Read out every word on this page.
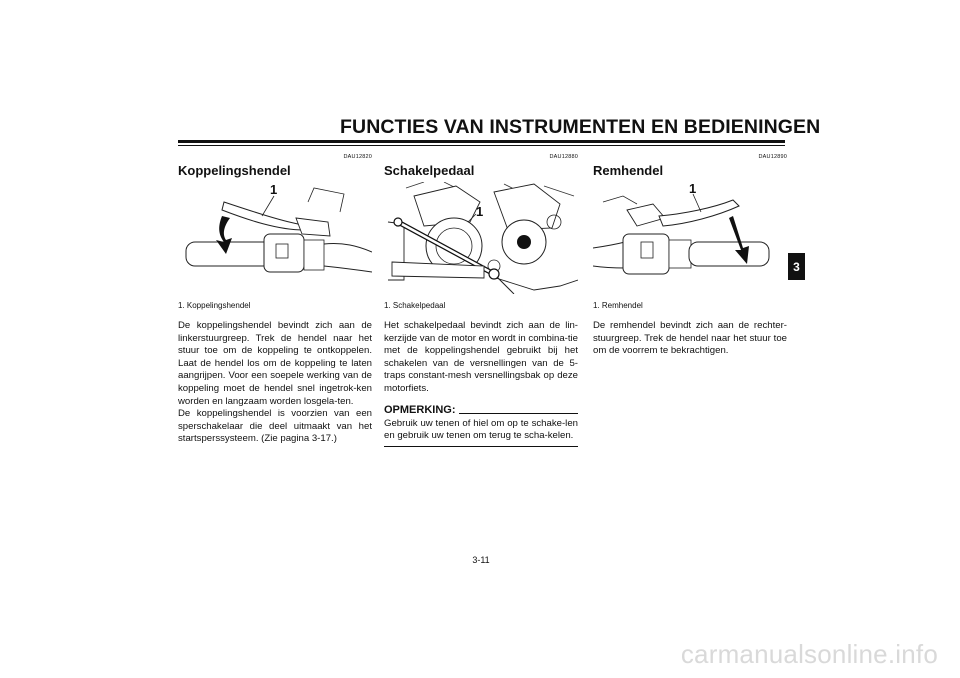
FUNCTIES VAN INSTRUMENTEN EN BEDIENINGEN
3
DAU12820
Koppelingshendel
1
1. Koppelingshendel

De koppelingshendel bevindt zich aan de linkerstuurgreep. Trek de hendel naar het stuur toe om de koppeling te ontkoppelen. Laat de hendel los om de koppeling te laten aangrijpen. Voor een soepele werking van de koppeling moet de hendel snel ingetrok-ken worden en langzaam worden losgela-ten.

De koppelingshendel is voorzien van een sperschakelaar die deel uitmaakt van het startsperssysteem. (Zie pagina 3-17.)

DAU12880
Schakelpedaal
1
1. Schakelpedaal

Het schakelpedaal bevindt zich aan de lin-kerzijde van de motor en wordt in combina-tie met de koppelingshendel gebruikt bij het schakelen van de versnellingen van de 5-traps constant-mesh versnellingsbak op deze motorfiets.

OPMERKING:
Gebruik uw tenen of hiel om op te schake-len en gebruik uw tenen om terug te scha-kelen.
DAU12890
Remhendel
1
1. Remhendel

De remhendel bevindt zich aan de rechter-stuurgreep. Trek de hendel naar het stuur toe om de voorrem te bekrachtigen.

3-11
carmanualsonline.info
